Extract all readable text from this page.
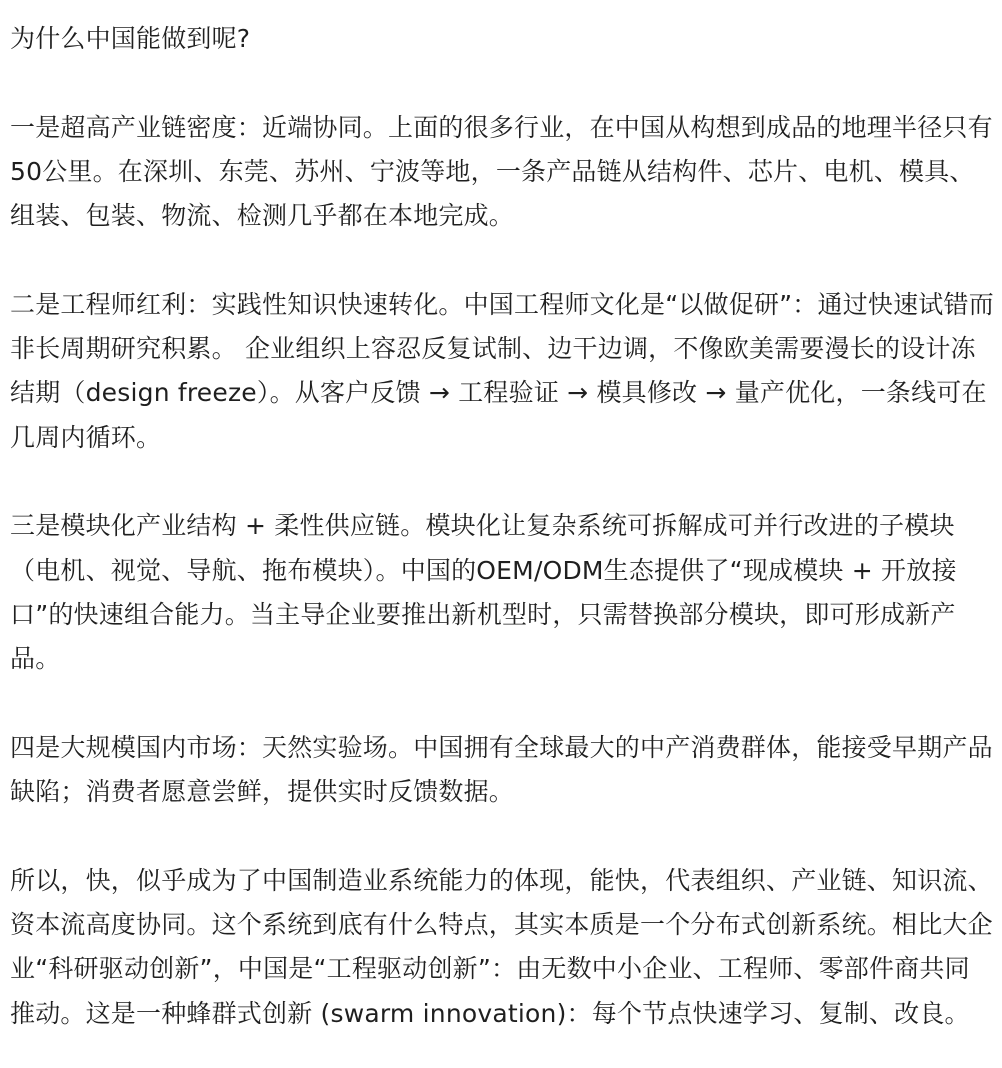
为什么中国能做到呢?

一是超高产业链密度：近端协同。上面的很多行业，在中国从构想到成品的地理半径只有50公里。在深圳、东莞、苏州、宁波等地，一条产品链从结构件、芯片、电机、模具、组装、包装、物流、检测几乎都在本地完成。

二是工程师红利：实践性知识快速转化。中国工程师文化是“以做促研”：通过快速试错而非长周期研究积累。 企业组织上容忍反复试制、边干边调，不像欧美需要漫长的设计冻结期（design freeze）。从客户反馈 → 工程验证 → 模具修改 → 量产优化，一条线可在几周内循环。

三是模块化产业结构 + 柔性供应链。模块化让复杂系统可拆解成可并行改进的子模块（电机、视觉、导航、拖布模块）。中国的OEM/ODM生态提供了“现成模块 + 开放接口”的快速组合能力。当主导企业要推出新机型时，只需替换部分模块，即可形成新产品。

四是大规模国内市场：天然实验场。中国拥有全球最大的中产消费群体，能接受早期产品缺陷；消费者愿意尝鲜，提供实时反馈数据。

所以，快，似乎成为了中国制造业系统能力的体现，能快，代表组织、产业链、知识流、资本流高度协同。这个系统到底有什么特点，其实本质是一个分布式创新系统。相比大企业“科研驱动创新”，中国是“工程驱动创新”：由无数中小企业、工程师、零部件商共同推动。这是一种蜂群式创新 (swarm innovation)：每个节点快速学习、复制、改良。
